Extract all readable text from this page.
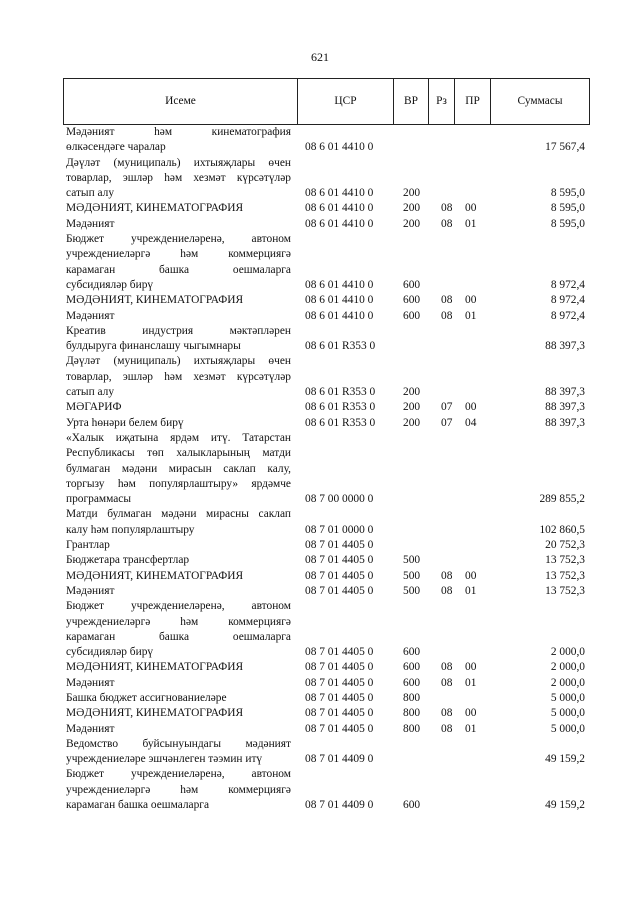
621
Исеме	ЦСР	ВР	Рз	ПР	Суммасы
Мәдәният һәм кинематография
өлкәсендәге чаралар	08 6 01 4410 0	17 567,4
Дәүләт (муниципаль) ихтыяҗлары өчен
товарлар, эшләр һәм хезмәт күрсәтүләр
сатып алу	08 6 01 4410 0	200	8 595,0
МӘДӘНИЯТ, КИНЕМАТОГРАФИЯ	08 6 01 4410 0	200	08	00	8 595,0
Мәдәният	08 6 01 4410 0	200	08	01	8 595,0
Бюджет учреждениеләренә, автоном
учреждениеләргә һәм коммерциягә
карамаган башка оешмаларга
субсидияләр бирү	08 6 01 4410 0	600	8 972,4
МӘДӘНИЯТ, КИНЕМАТОГРАФИЯ	08 6 01 4410 0	600	08	00	8 972,4
Мәдәният	08 6 01 4410 0	600	08	01	8 972,4
Креатив индустрия мәктәпләрен
булдыруга финанслашу чыгымнары	08 6 01 R353 0	88 397,3
Дәүләт (муниципаль) ихтыяҗлары өчен
товарлар, эшләр һәм хезмәт күрсәтүләр
сатып алу	08 6 01 R353 0	200	88 397,3
МӘГАРИФ	08 6 01 R353 0	200	07	00	88 397,3
Урта һөнәри белем бирү	08 6 01 R353 0	200	07	04	88 397,3
«Халык иҗатына ярдәм итү. Татарстан
Республикасы төп халыкларының матди
булмаган мәдәни мирасын саклап калу,
торгызу һәм популярлаштыру» ярдәмче
программасы	08 7 00 0000 0	289 855,2
Матди булмаган мәдәни мирасны саклап
калу һәм популярлаштыру	08 7 01 0000 0	102 860,5
Грантлар	08 7 01 4405 0	20 752,3
Бюджетара трансфертлар	08 7 01 4405 0	500	13 752,3
МӘДӘНИЯТ, КИНЕМАТОГРАФИЯ	08 7 01 4405 0	500	08	00	13 752,3
Мәдәният	08 7 01 4405 0	500	08	01	13 752,3
Бюджет учреждениеләренә, автоном
учреждениеләргә һәм коммерциягә
карамаган башка оешмаларга
субсидияләр бирү	08 7 01 4405 0	600	2 000,0
МӘДӘНИЯТ, КИНЕМАТОГРАФИЯ	08 7 01 4405 0	600	08	00	2 000,0
Мәдәният	08 7 01 4405 0	600	08	01	2 000,0
Башка бюджет ассигнованиеләре	08 7 01 4405 0	800	5 000,0
МӘДӘНИЯТ, КИНЕМАТОГРАФИЯ	08 7 01 4405 0	800	08	00	5 000,0
Мәдәният	08 7 01 4405 0	800	08	01	5 000,0
Ведомство буйсынуындагы мәдәният
учреждениеләре эшчәнлеген тәэмин итү	08 7 01 4409 0	49 159,2
Бюджет учреждениеләренә, автоном
учреждениеләргә һәм коммерциягә
карамаган башка оешмаларга	08 7 01 4409 0	600	49 159,2
